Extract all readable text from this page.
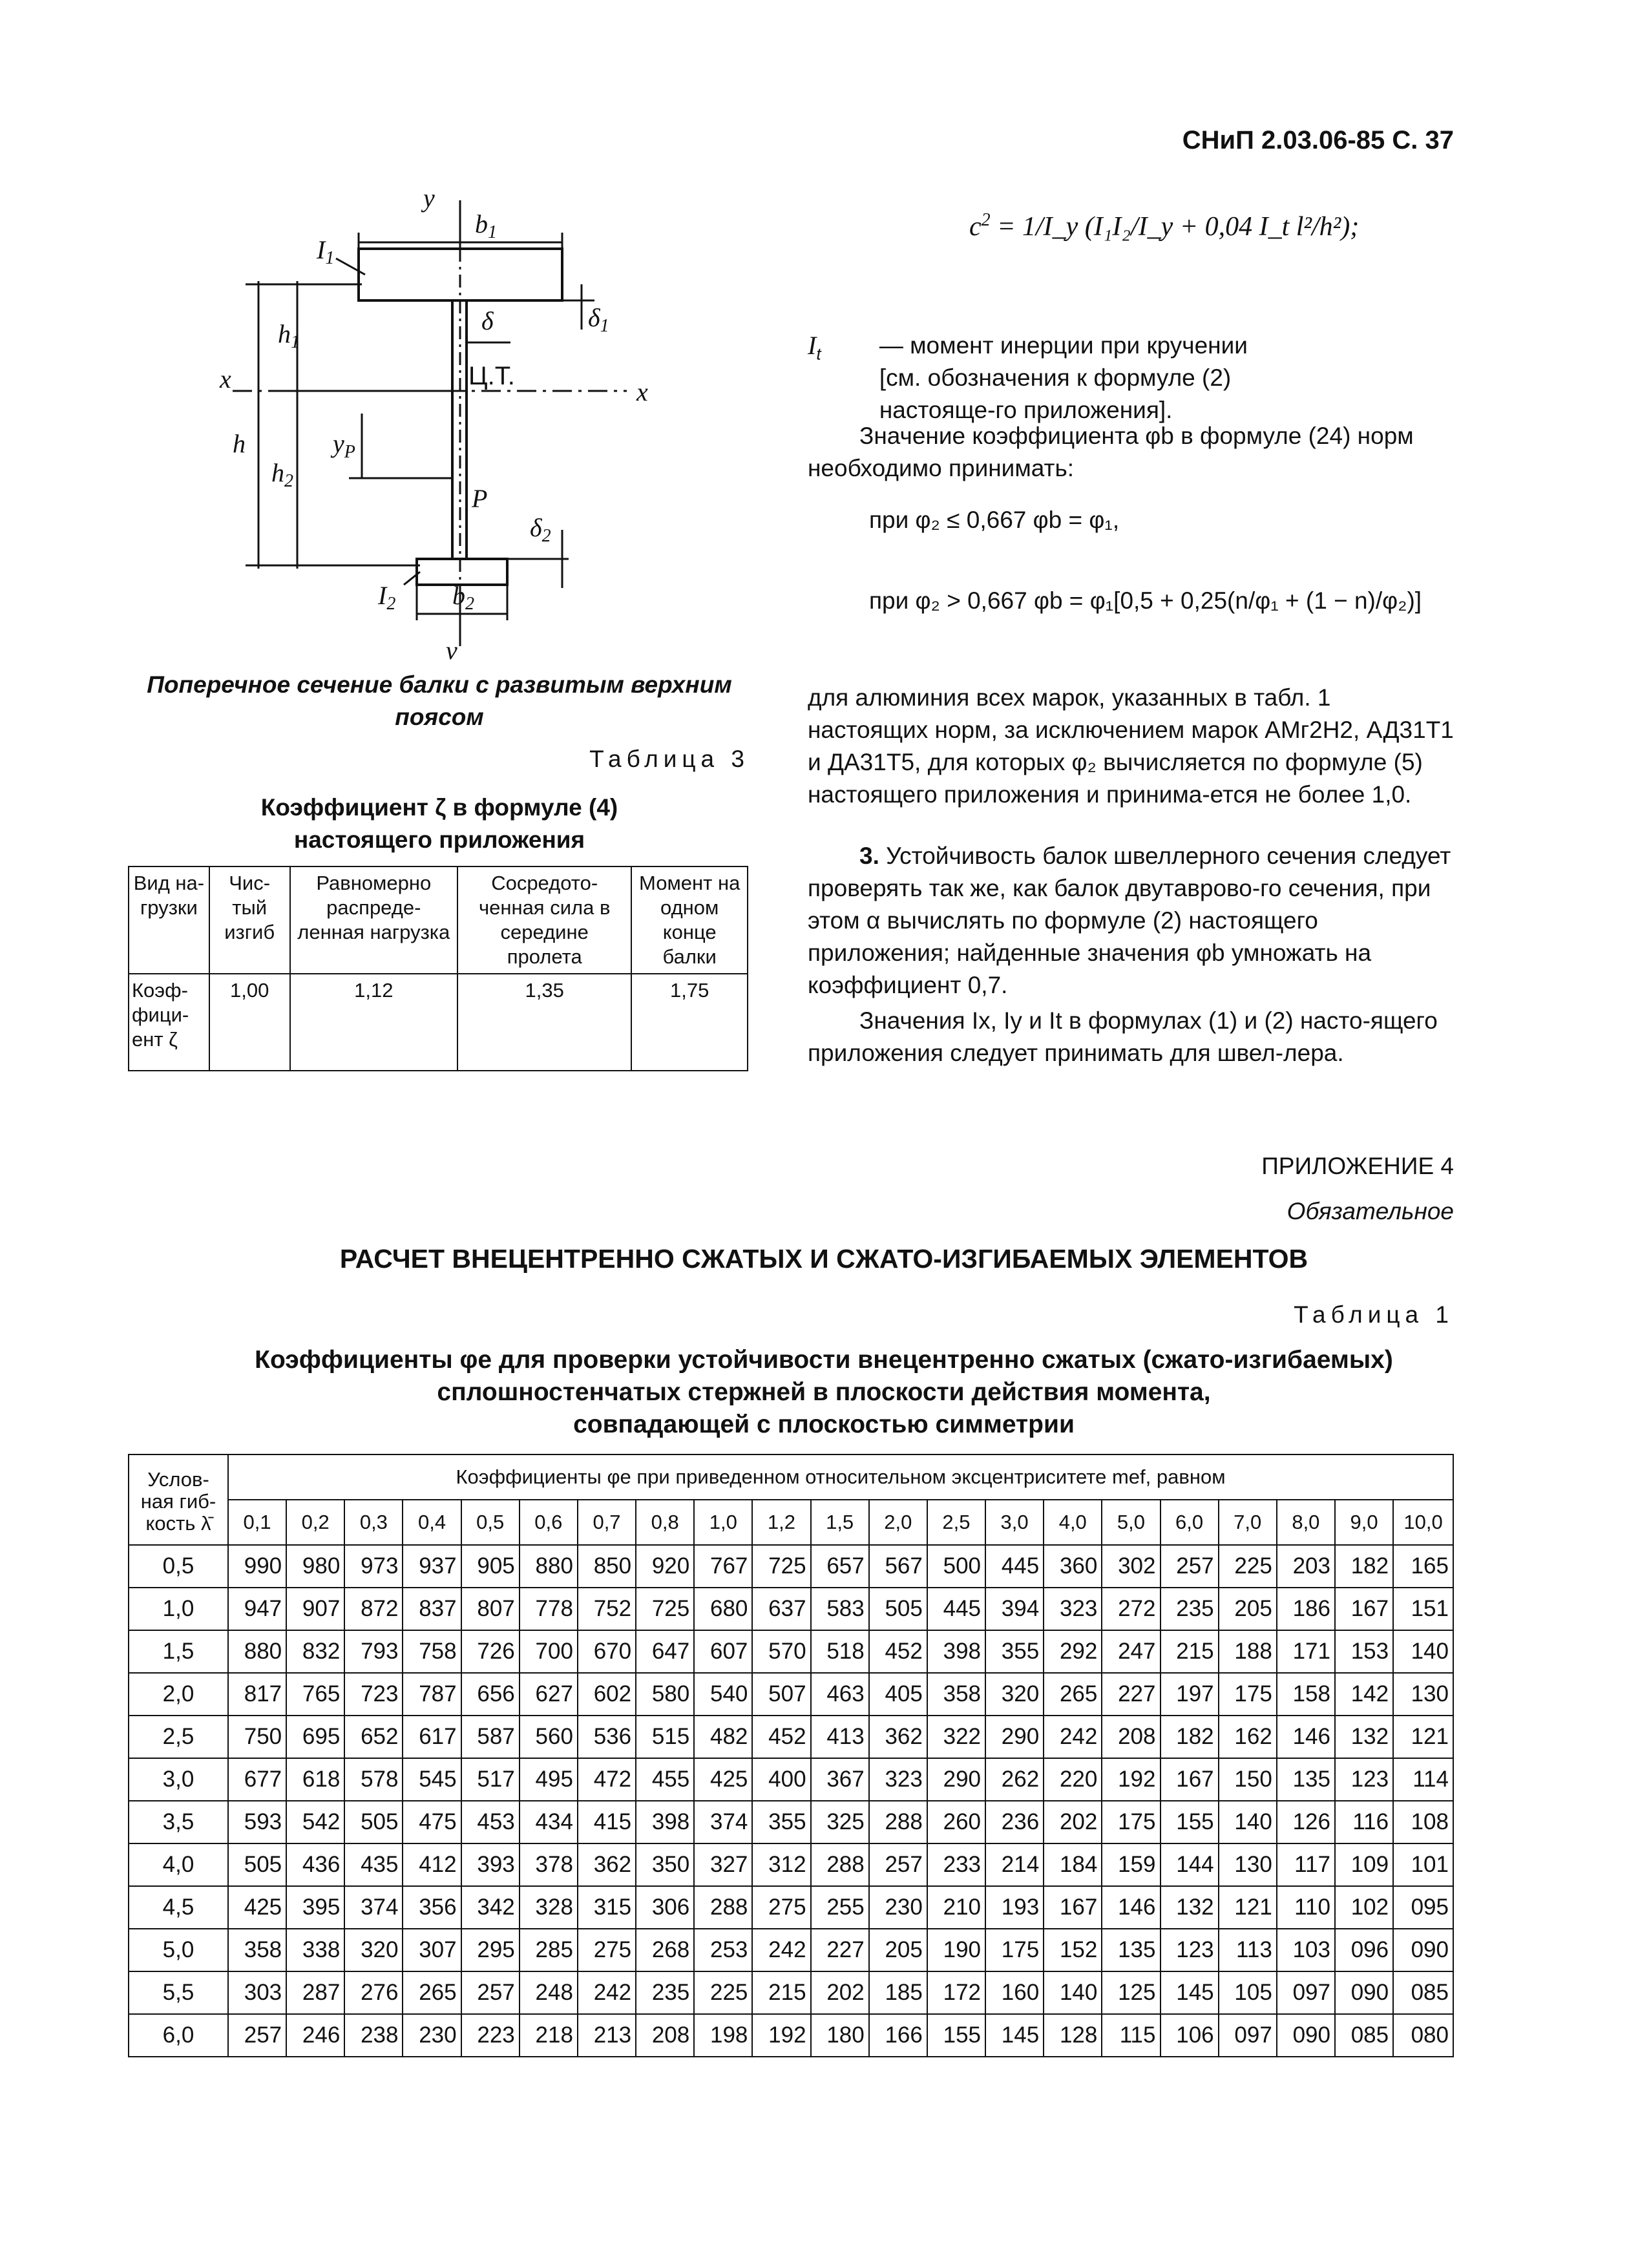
СНиП 2.03.06-85 С. 37
y
$b_1$
$I_1$
$h_1$
$\delta_1$
δ
Ц.Т.
x	x
h	$y_P$
$h_2$
P
$\delta_2$
$I_2$ $b_2$
v
Поперечное сечение балки с развитым верхним поясом
Таблица 3
Коэффициент ζ в формуле (4)
настоящего приложения
Вид на-грузки	Чис-тый изгиб	Равномерно распреде-ленная нагрузка	Сосредото-ченная сила в середине пролета	Момент на одном конце балки
Коэф-фици-ент ζ	1,00	1,12	1,35	1,75
$c^2$ = 1/I_y (I₁I₂/I_y + 0,04 I_t l²/h²);
$I_t$ — момент инерции при кручении [см. обозначения к формуле (2) настояще-го приложения].
Значение коэффициента φb в формуле (24) норм необходимо принимать:
при φ₂ ≤ 0,667 φb = φ₁,
при φ₂ > 0,667 φb = φ₁[0,5 + 0,25(n/φ₁ + (1 − n)/φ₂)]
для алюминия всех марок, указанных в табл. 1 настоящих норм, за исключением марок АМг2Н2, АД31Т1 и ДА31Т5, для которых φ₂ вычисляется по формуле (5) настоящего приложения и принима-ется не более 1,0.
3. Устойчивость балок швеллерного сечения следует проверять так же, как балок двутаврово-го сечения, при этом α вычислять по формуле (2) настоящего приложения; найденные значения φb умножать на коэффициент 0,7.
Значения Ix, Iy и It в формулах (1) и (2) насто-ящего приложения следует принимать для швел-лера.
ПРИЛОЖЕНИЕ 4
Обязательное
РАСЧЕТ ВНЕЦЕНТРЕННО СЖАТЫХ И СЖАТО-ИЗГИБАЕМЫХ ЭЛЕМЕНТОВ
Таблица 1
Коэффициенты φe для проверки устойчивости внецентренно сжатых (сжато-изгибаемых)
сплошностенчатых стержней в плоскости действия момента,
совпадающей с плоскостью симметрии
Услов-ная гиб-кость λ̄	Коэффициенты φe при приведенном относительном эксцентриситете mef, равном																				
	0,1	0,2	0,3	0,4	0,5	0,6	0,7	0,8	1,0	1,2	1,5	2,0	2,5	3,0	4,0	5,0	6,0	7,0	8,0	9,0	10,0
0,5	990	980	973	937	905	880	850	920	767	725	657	567	500	445	360	302	257	225	203	182	165
1,0	947	907	872	837	807	778	752	725	680	637	583	505	445	394	323	272	235	205	186	167	151
1,5	880	832	793	758	726	700	670	647	607	570	518	452	398	355	292	247	215	188	171	153	140
2,0	817	765	723	787	656	627	602	580	540	507	463	405	358	320	265	227	197	175	158	142	130
2,5	750	695	652	617	587	560	536	515	482	452	413	362	322	290	242	208	182	162	146	132	121
3,0	677	618	578	545	517	495	472	455	425	400	367	323	290	262	220	192	167	150	135	123	114
3,5	593	542	505	475	453	434	415	398	374	355	325	288	260	236	202	175	155	140	126	116	108
4,0	505	436	435	412	393	378	362	350	327	312	288	257	233	214	184	159	144	130	117	109	101
4,5	425	395	374	356	342	328	315	306	288	275	255	230	210	193	167	146	132	121	110	102	095
5,0	358	338	320	307	295	285	275	268	253	242	227	205	190	175	152	135	123	113	103	096	090
5,5	303	287	276	265	257	248	242	235	225	215	202	185	172	160	140	125	145	105	097	090	085
6,0	257	246	238	230	223	218	213	208	198	192	180	166	155	145	128	115	106	097	090	085	080
